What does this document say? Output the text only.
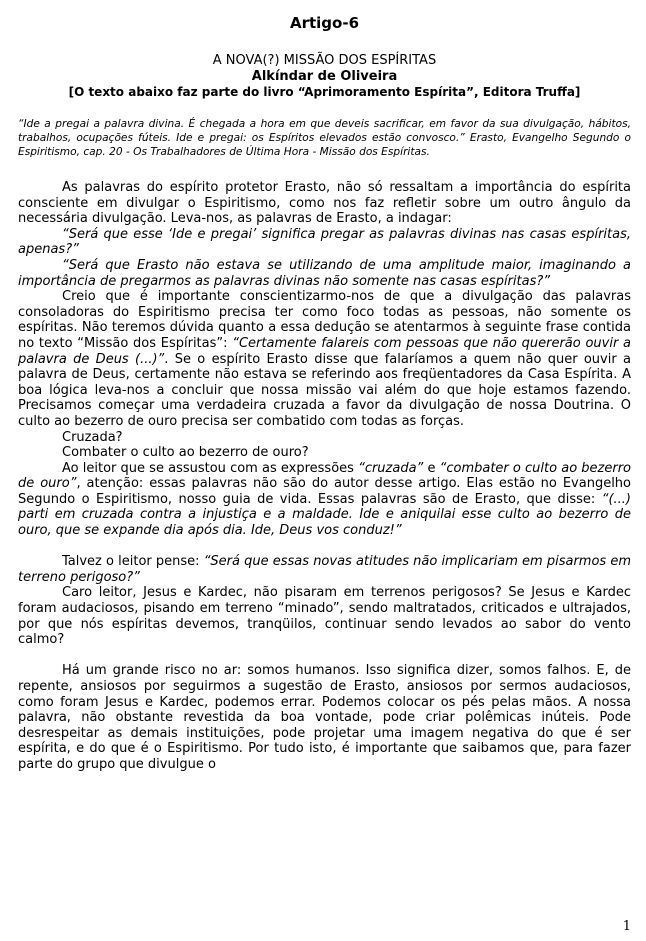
Artigo-6
A NOVA(?) MISSÃO DOS ESPÍRITAS
Alkíndar de Oliveira
[O texto abaixo faz parte do livro “Aprimoramento Espírita”, Editora Truffa]
“Ide a pregai a palavra divina. É chegada a hora em que deveis sacrificar, em favor da sua divulgação, hábitos, trabalhos, ocupações fúteis. Ide e pregai: os Espíritos elevados estão convosco.” Erasto, Evangelho Segundo o Espiritismo, cap. 20 - Os Trabalhadores de Última Hora - Missão dos Espíritas.

As palavras do espírito protetor Erasto, não só ressaltam a importância do espírita consciente em divulgar o Espiritismo, como nos faz refletir sobre um outro ângulo da necessária divulgação. Leva-nos, as palavras de Erasto, a indagar:

“Será que esse ‘Ide e pregai’ significa pregar as palavras divinas nas casas espíritas, apenas?”

“Será que Erasto não estava se utilizando de uma amplitude maior, imaginando a importância de pregarmos as palavras divinas não somente nas casas espíritas?”

Creio que é importante conscientizarmo-nos de que a divulgação das palavras consoladoras do Espiritismo precisa ter como foco todas as pessoas, não somente os espíritas. Não teremos dúvida quanto a essa dedução se atentarmos à seguinte frase contida no texto “Missão dos Espíritas”: “Certamente falareis com pessoas que não quererão ouvir a palavra de Deus (...)”. Se o espírito Erasto disse que falaríamos a quem não quer ouvir a palavra de Deus, certamente não estava se referindo aos freqüentadores da Casa Espírita. A boa lógica leva-nos a concluir que nossa missão vai além do que hoje estamos fazendo. Precisamos começar uma verdadeira cruzada a favor da divulgação de nossa Doutrina. O culto ao bezerro de ouro precisa ser combatido com todas as forças.

Cruzada?

Combater o culto ao bezerro de ouro?

Ao leitor que se assustou com as expressões “cruzada” e “combater o culto ao bezerro de ouro”, atenção: essas palavras não são do autor desse artigo. Elas estão no Evangelho Segundo o Espiritismo, nosso guia de vida. Essas palavras são de Erasto, que disse: “(...) parti em cruzada contra a injustiça e a maldade. Ide e aniquilai esse culto ao bezerro de ouro, que se expande dia após dia. Ide, Deus vos conduz!”

Talvez o leitor pense: “Será que essas novas atitudes não implicariam em pisarmos em terreno perigoso?”

Caro leitor, Jesus e Kardec, não pisaram em terrenos perigosos? Se Jesus e Kardec foram audaciosos, pisando em terreno “minado”, sendo maltratados, criticados e ultrajados, por que nós espíritas devemos, tranqüilos, continuar sendo levados ao sabor do vento calmo?

Há um grande risco no ar: somos humanos. Isso significa dizer, somos falhos. E, de repente, ansiosos por seguirmos a sugestão de Erasto, ansiosos por sermos audaciosos, como foram Jesus e Kardec, podemos errar. Podemos colocar os pés pelas mãos. A nossa palavra, não obstante revestida da boa vontade, pode criar polêmicas inúteis. Pode desrespeitar as demais instituições, pode projetar uma imagem negativa do que é ser espírita, e do que é o Espiritismo. Por tudo isto, é importante que saibamos que, para fazer parte do grupo que divulgue o

1
